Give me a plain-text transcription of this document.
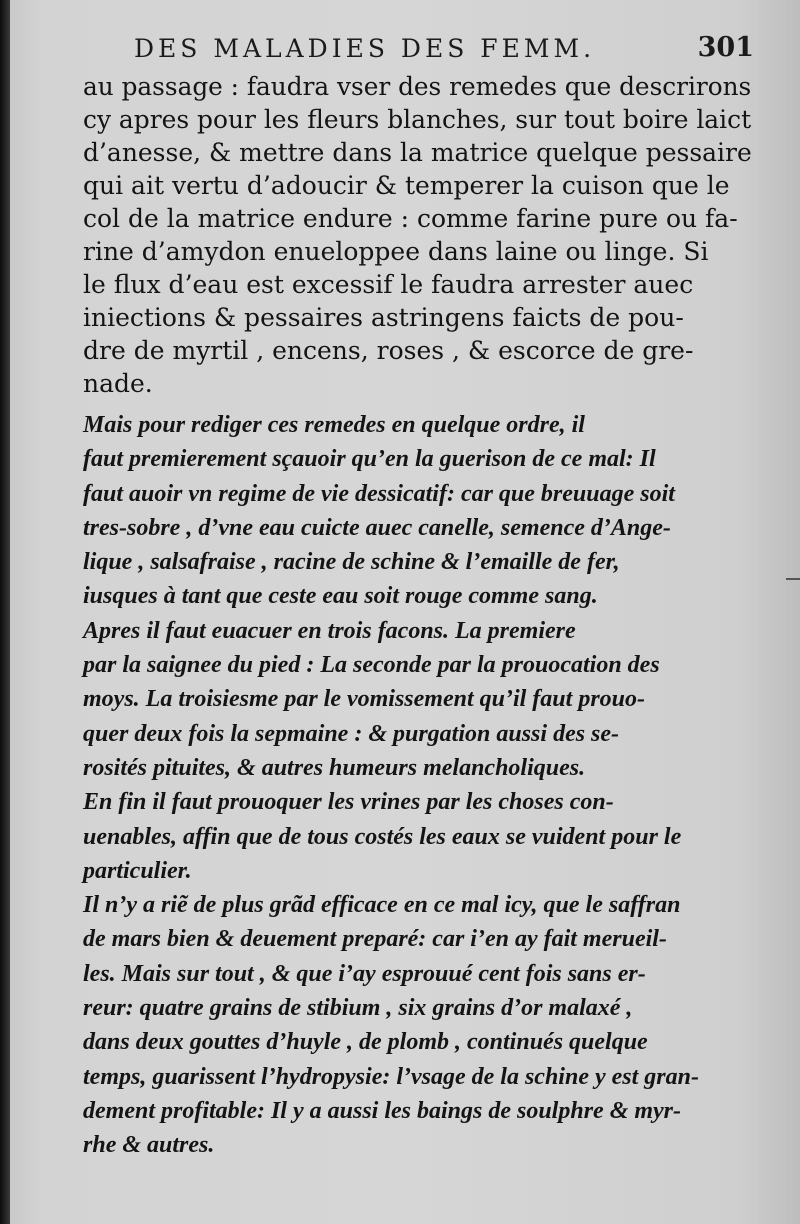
DES MALADIES DES FEMM.	301
au passage : faudra vser des remedes que descrirons
cy apres pour les fleurs blanches, sur tout boire laict
d’anesse, & mettre dans la matrice quelque pessaire
qui ait vertu d’adoucir & temperer la cuison que le
col de la matrice endure : comme farine pure ou fa-
rine d’amydon enueloppee dans laine ou linge. Si
le flux d’eau est excessif le faudra arrester auec
iniections & pessaires astringens faicts de pou-
dre de myrtil , encens, roses , & escorce de gre-
nade.
Mais pour rediger ces remedes en quelque ordre, il
faut premierement sçauoir qu’en la guerison de ce mal: Il
faut auoir vn regime de vie dessicatif: car que breuuage soit
tres-sobre , d’vne eau cuicte auec canelle, semence d’Ange-
lique , salsafraise , racine de schine & l’emaille de fer,
iusques à tant que ceste eau soit rouge comme sang.
Apres il faut euacuer en trois facons. La premiere
par la saignee du pied : La seconde par la prouocation des
moys. La troisiesme par le vomissement qu’il faut prouo-
quer deux fois la sepmaine : & purgation aussi des se-
rosités pituites, & autres humeurs melancholiques.
En fin il faut prouoquer les vrines par les choses con-
uenables, affin que de tous costés les eaux se vuident pour le
particulier.
Il n’y a riẽ de plus grãd efficace en ce mal icy, que le saffran
de mars bien & deuement preparé: car i’en ay fait merueil-
les. Mais sur tout , & que i’ay esprouué cent fois sans er-
reur: quatre grains de stibium , six grains d’or malaxé ,
dans deux gouttes d’huyle , de plomb , continués quelque
temps, guarissent l’hydropysie: l’vsage de la schine y est gran-
dement profitable: Il y a aussi les baings de soulphre & myr-
rhe & autres.
